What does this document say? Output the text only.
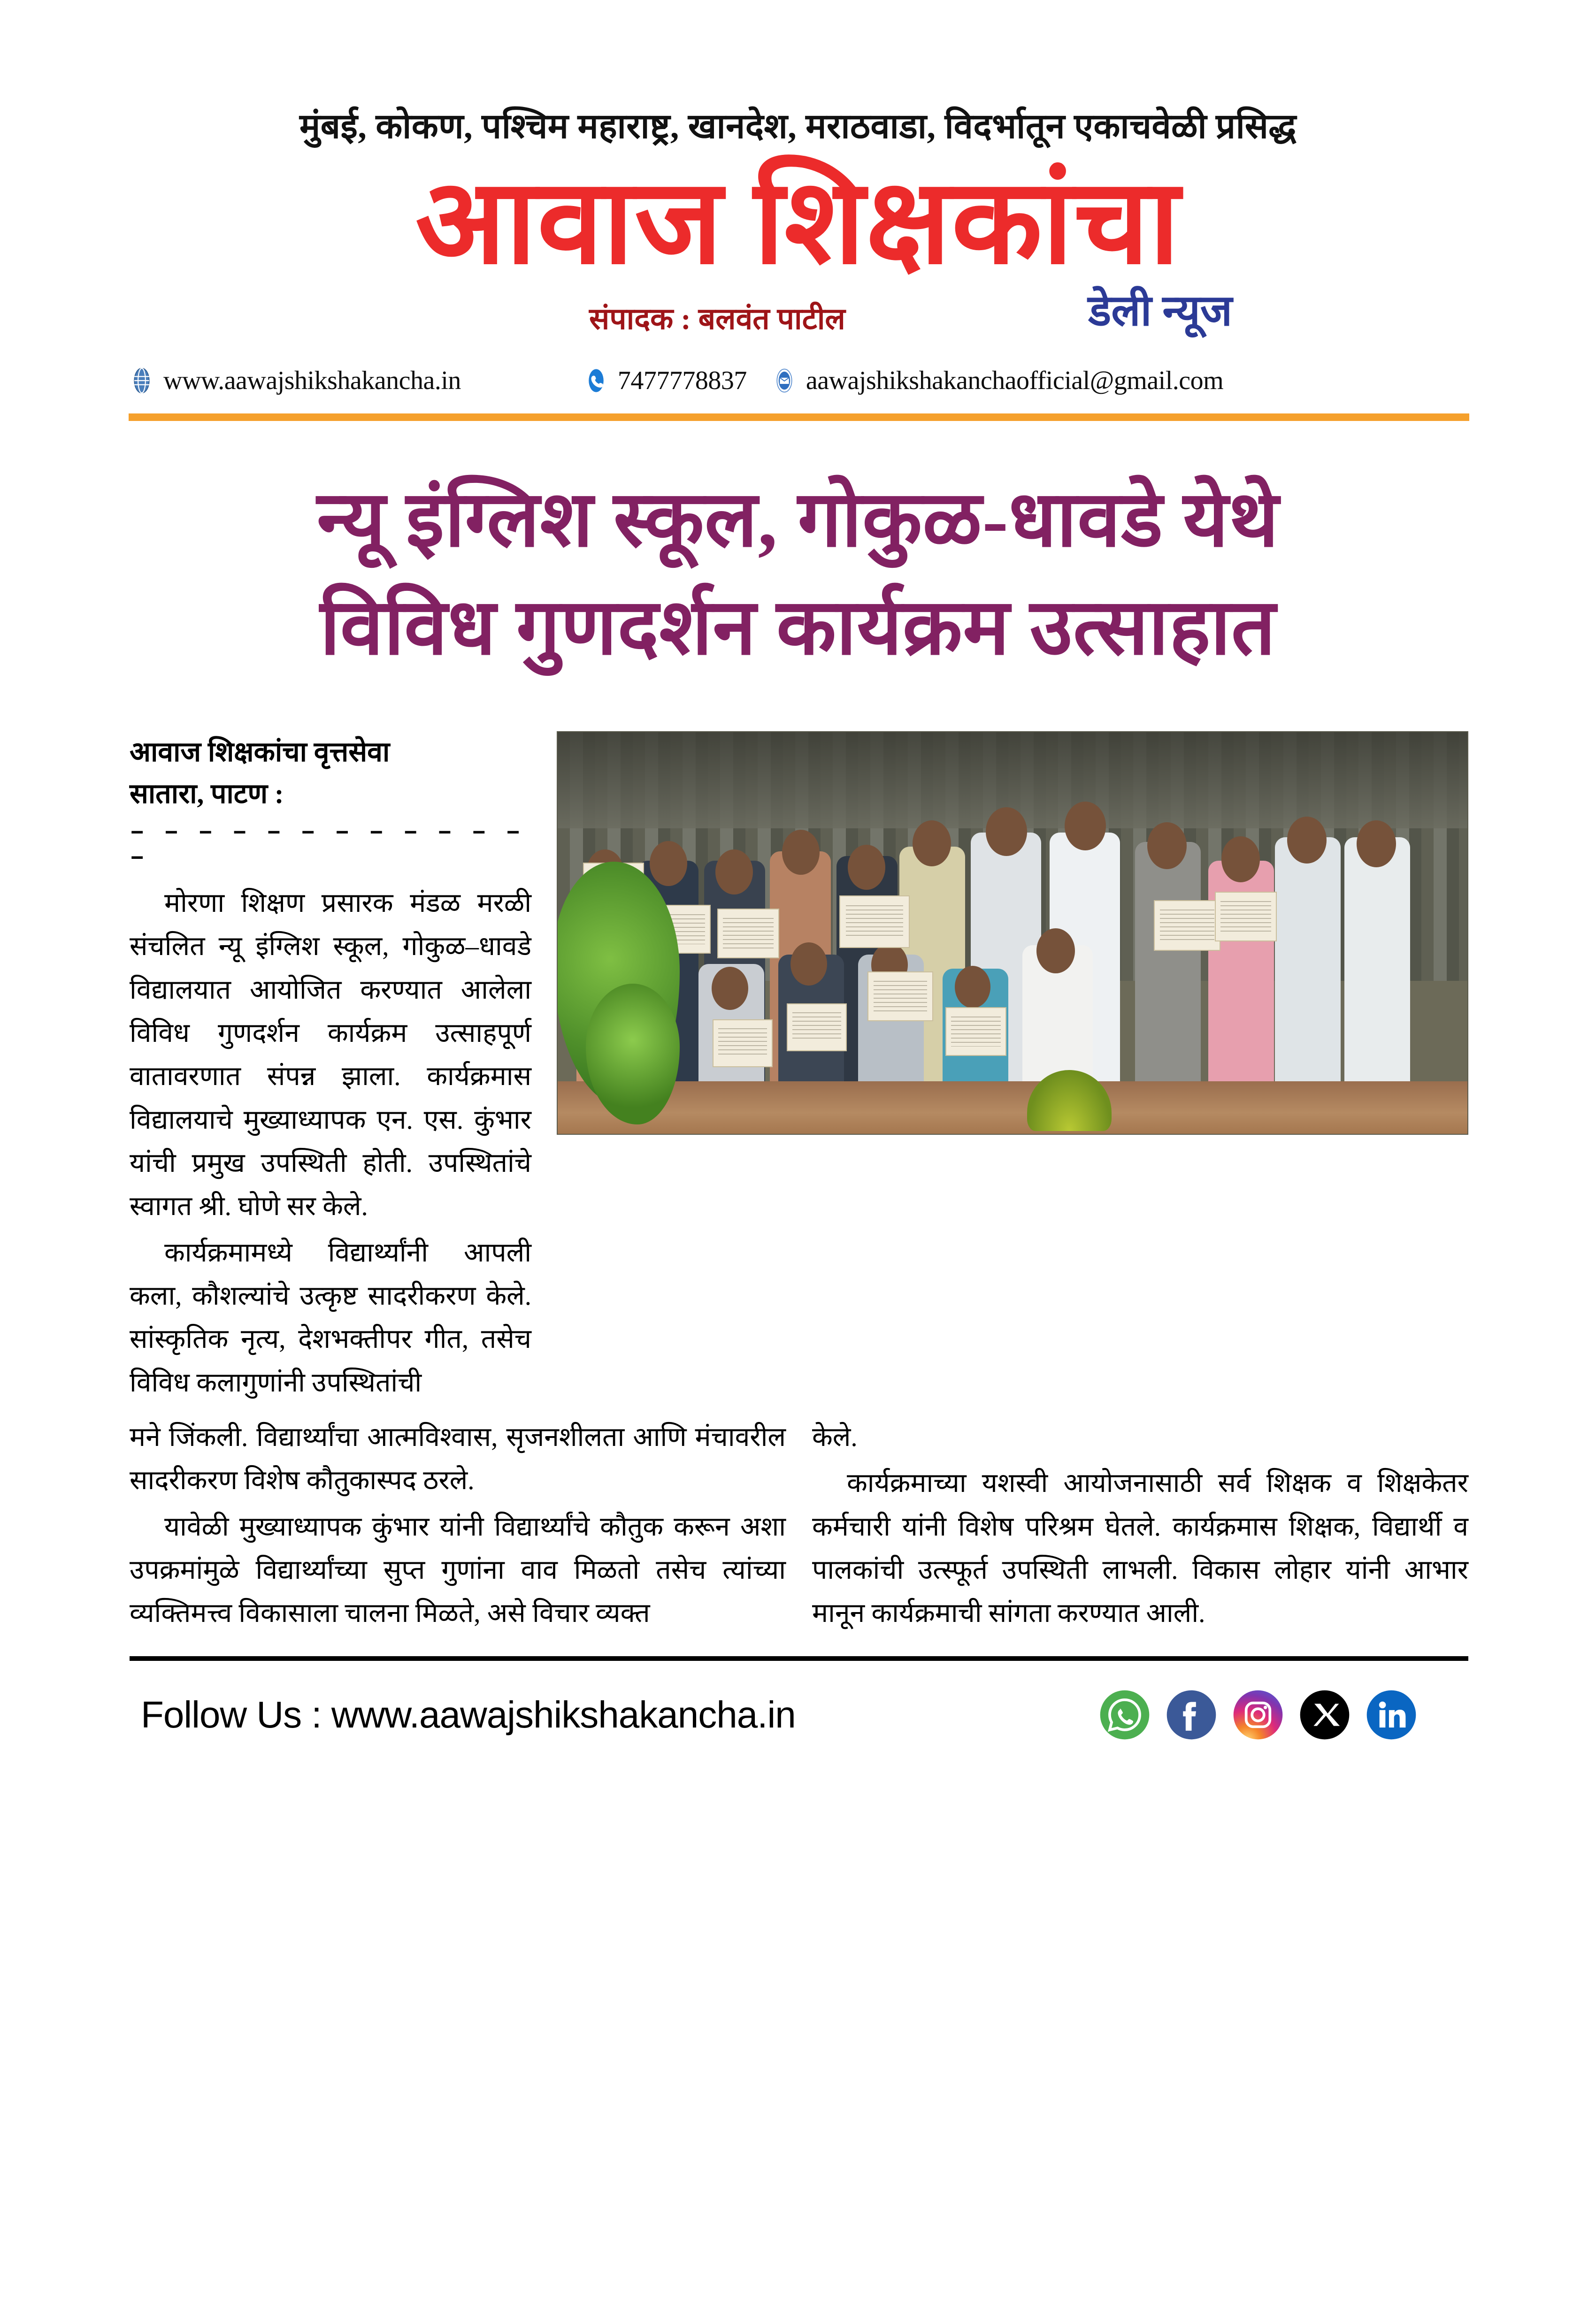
मुंबई, कोकण, पश्चिम महाराष्ट्र, खानदेश, मराठवाडा, विदर्भातून एकाचवेळी प्रसिद्ध
आवाज शिक्षकांचा
संपादक : बलवंत पाटील	डेली न्यूज
www.aawajshikshakancha.in	7477778837 aawajshikshakanchaofficial@gmail.com
न्यू इंग्लिश स्कूल, गोकुळ-धावडे येथे
विविध गुणदर्शन कार्यक्रम उत्साहात
आवाज शिक्षकांचा वृत्तसेवा
सातारा, पाटण :
– – – – – – – – – – – – –

मोरणा शिक्षण प्रसारक मंडळ मरळी संचलित न्यू इंग्लिश स्कूल, गोकुळ–धावडे विद्यालयात आयोजित करण्यात आलेला विविध गुणदर्शन कार्यक्रम उत्साहपूर्ण वातावरणात संपन्न झाला. कार्यक्रमास विद्यालयाचे मुख्याध्यापक एन. एस. कुंभार यांची प्रमुख उपस्थिती होती. उपस्थितांचे स्वागत श्री. घोणे सर केले.

कार्यक्रमामध्ये विद्यार्थ्यांनी आपली कला, कौशल्यांचे उत्कृष्ट सादरीकरण केले. सांस्कृतिक नृत्य, देशभक्तीपर गीत, तसेच विविध कलागुणांनी उपस्थितांची

मने जिंकली. विद्यार्थ्यांचा आत्मविश्वास, सृजनशीलता आणि मंचावरील सादरीकरण विशेष कौतुकास्पद ठरले.

यावेळी मुख्याध्यापक कुंभार यांनी विद्यार्थ्यांचे कौतुक करून अशा उपक्रमांमुळे विद्यार्थ्यांच्या सुप्त गुणांना वाव मिळतो तसेच त्यांच्या व्यक्तिमत्त्व विकासाला चालना मिळते, असे विचार व्यक्त

केले.

कार्यक्रमाच्या यशस्वी आयोजनासाठी सर्व शिक्षक व शिक्षकेतर कर्मचारी यांनी विशेष परिश्रम घेतले. कार्यक्रमास शिक्षक, विद्यार्थी व पालकांची उत्स्फूर्त उपस्थिती लाभली. विकास लोहार यांनी आभार मानून कार्यक्रमाची सांगता करण्यात आली.

Follow Us : www.aawajshikshakancha.in
